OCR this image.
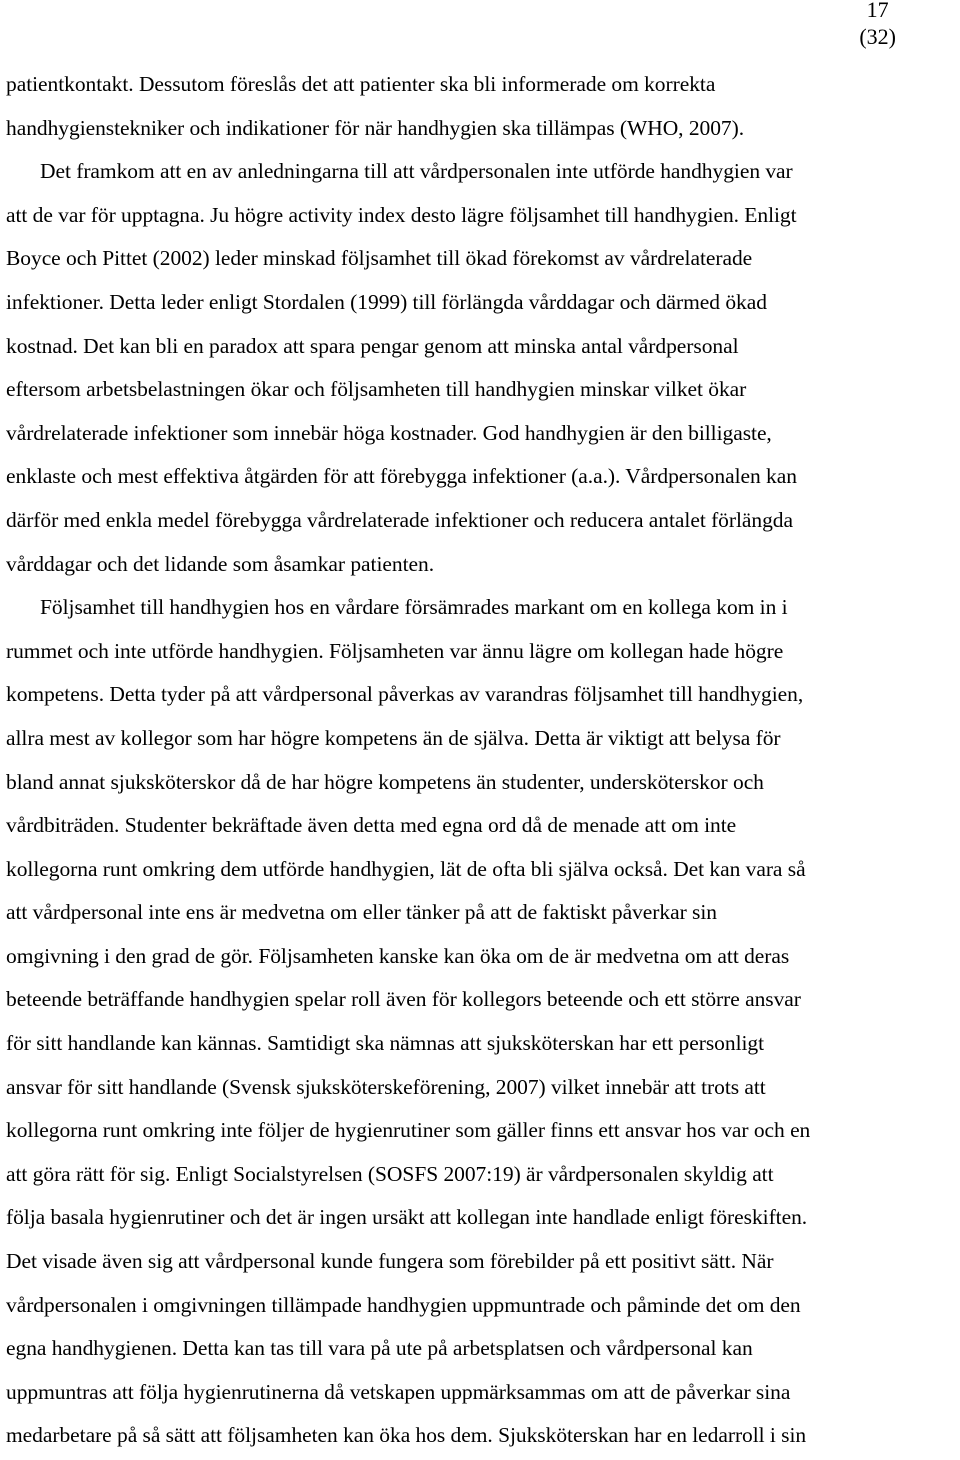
17
(32)
patientkontakt. Dessutom föreslås det att patienter ska bli informerade om korrekta
handhygienstekniker och indikationer för när handhygien ska tillämpas (WHO, 2007).
Det framkom att en av anledningarna till att vårdpersonalen inte utförde handhygien var
att de var för upptagna. Ju högre activity index desto lägre följsamhet till handhygien. Enligt
Boyce och Pittet (2002) leder minskad följsamhet till ökad förekomst av vårdrelaterade
infektioner. Detta leder enligt Stordalen (1999) till förlängda vårddagar och därmed ökad
kostnad. Det kan bli en paradox att spara pengar genom att minska antal vårdpersonal
eftersom arbetsbelastningen ökar och följsamheten till handhygien minskar vilket ökar
vårdrelaterade infektioner som innebär höga kostnader. God handhygien är den billigaste,
enklaste och mest effektiva åtgärden för att förebygga infektioner (a.a.). Vårdpersonalen kan
därför med enkla medel förebygga vårdrelaterade infektioner och reducera antalet förlängda
vårddagar och det lidande som åsamkar patienten.
Följsamhet till handhygien hos en vårdare försämrades markant om en kollega kom in i
rummet och inte utförde handhygien. Följsamheten var ännu lägre om kollegan hade högre
kompetens. Detta tyder på att vårdpersonal påverkas av varandras följsamhet till handhygien,
allra mest av kollegor som har högre kompetens än de själva. Detta är viktigt att belysa för
bland annat sjuksköterskor då de har högre kompetens än studenter, undersköterskor och
vårdbiträden. Studenter bekräftade även detta med egna ord då de menade att om inte
kollegorna runt omkring dem utförde handhygien, lät de ofta bli själva också. Det kan vara så
att vårdpersonal inte ens är medvetna om eller tänker på att de faktiskt påverkar sin
omgivning i den grad de gör. Följsamheten kanske kan öka om de är medvetna om att deras
beteende beträffande handhygien spelar roll även för kollegors beteende och ett större ansvar
för sitt handlande kan kännas. Samtidigt ska nämnas att sjuksköterskan har ett personligt
ansvar för sitt handlande (Svensk sjuksköterskeförening, 2007) vilket innebär att trots att
kollegorna runt omkring inte följer de hygienrutiner som gäller finns ett ansvar hos var och en
att göra rätt för sig. Enligt Socialstyrelsen (SOSFS 2007:19) är vårdpersonalen skyldig att
följa basala hygienrutiner och det är ingen ursäkt att kollegan inte handlade enligt föreskiften.
Det visade även sig att vårdpersonal kunde fungera som förebilder på ett positivt sätt. När
vårdpersonalen i omgivningen tillämpade handhygien uppmuntrade och påminde det om den
egna handhygienen. Detta kan tas till vara på ute på arbetsplatsen och vårdpersonal kan
uppmuntras att följa hygienrutinerna då vetskapen uppmärksammas om att de påverkar sina
medarbetare på så sätt att följsamheten kan öka hos dem. Sjuksköterskan har en ledarroll i sin
